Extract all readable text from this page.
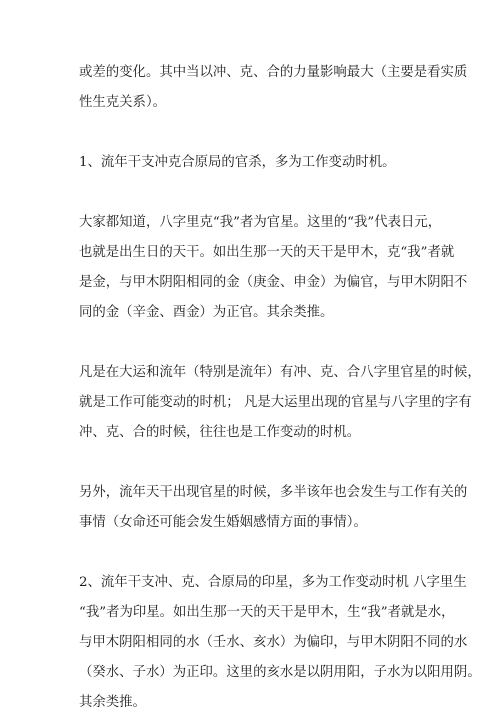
或差的变化。其中当以冲、克、合的力量影响最大（主要是看实质
性生克关系）。

1、流年干支冲克合原局的官杀，多为工作变动时机。

大家都知道，八字里克“我”者为官星。这里的“我”代表日元，
也就是出生日的天干。如出生那一天的天干是甲木，克“我”者就
是金，与甲木阴阳相同的金（庚金、申金）为偏官，与甲木阴阳不
同的金（辛金、酉金）为正官。其余类推。

凡是在大运和流年（特别是流年）有冲、克、合八字里官星的时候，
就是工作可能变动的时机； 凡是大运里出现的官星与八字里的字有
冲、克、合的时候，往往也是工作变动的时机。

另外，流年天干出现官星的时候，多半该年也会发生与工作有关的
事情（女命还可能会发生婚姻感情方面的事情）。

2、流年干支冲、克、合原局的印星，多为工作变动时机 八字里生
“我”者为印星。如出生那一天的天干是甲木，生“我”者就是水，
与甲木阴阳相同的水（壬水、亥水）为偏印，与甲木阴阳不同的水
（癸水、子水）为正印。这里的亥水是以阴用阳，子水为以阳用阴。
其余类推。
